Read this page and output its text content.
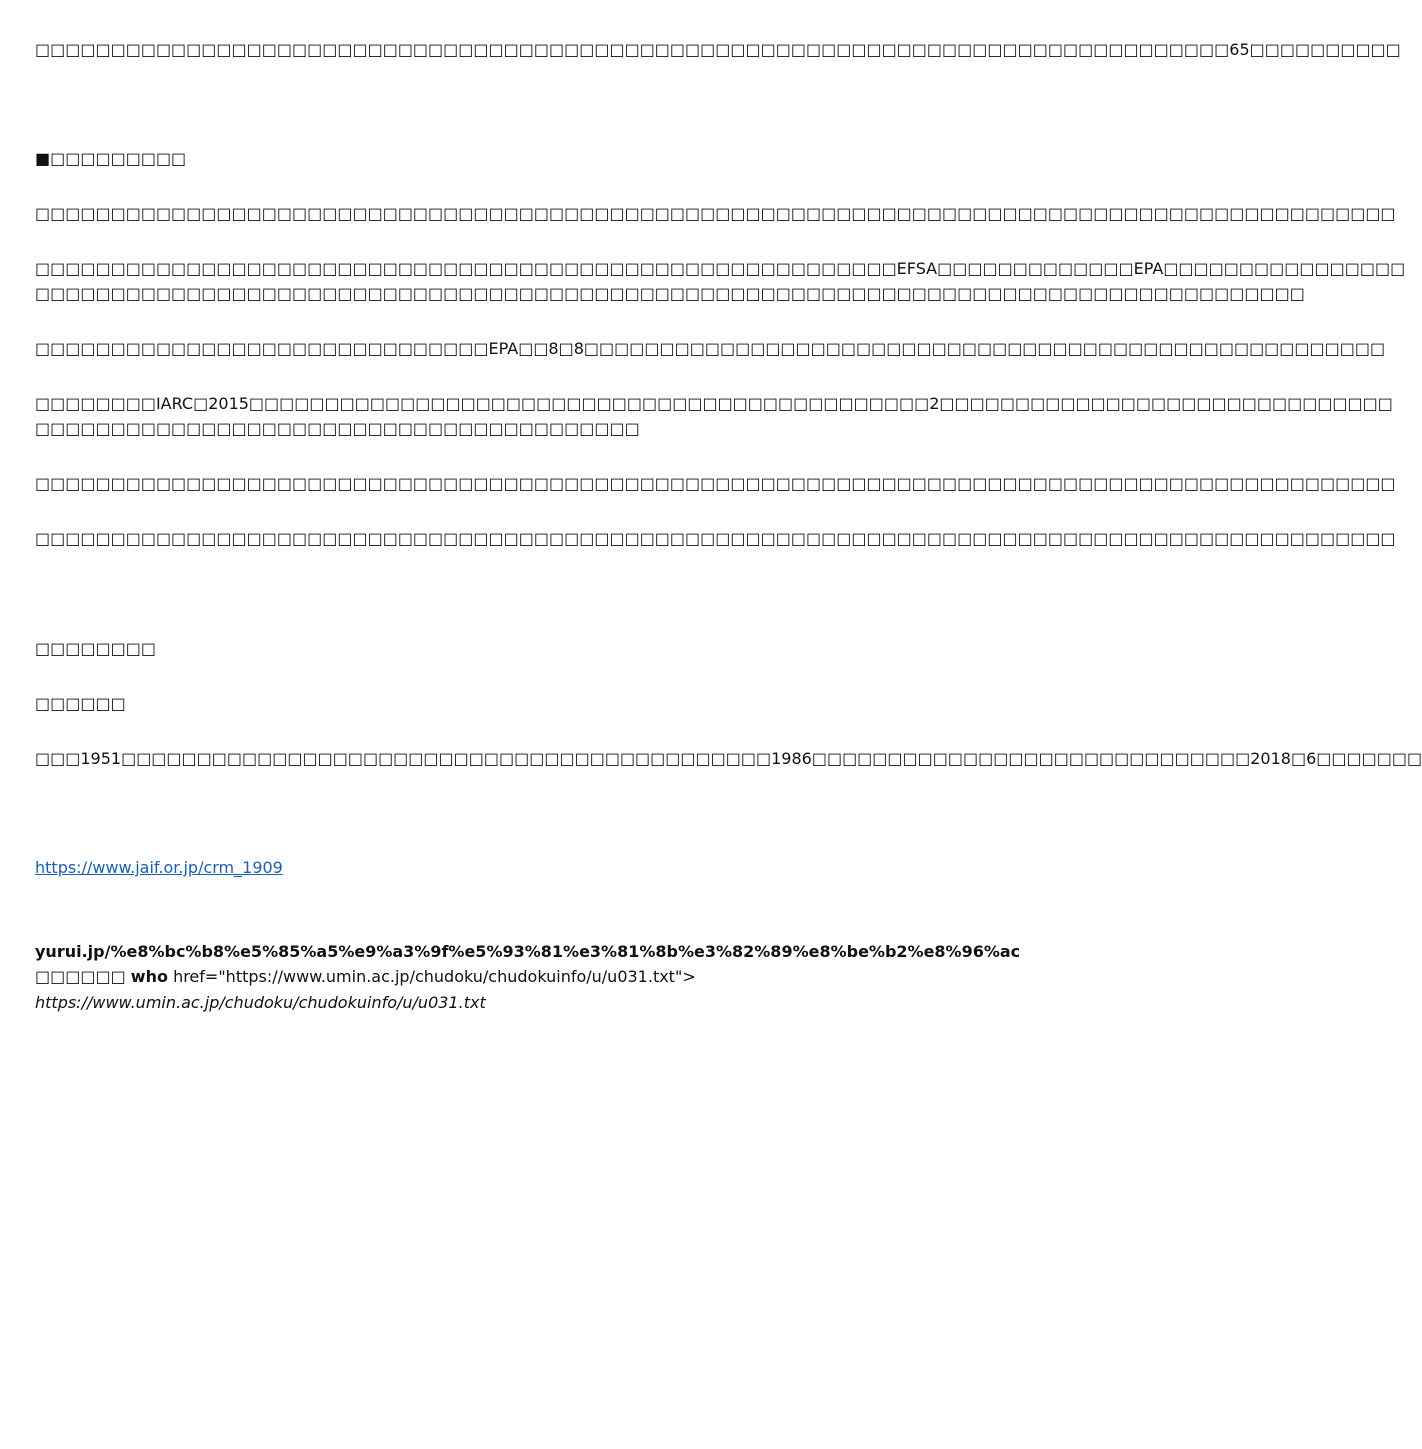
□□□□□□□□□□□□□□□□□□□□□□□□□□□□□□□□□□□□□□□□□□□□□□□□□□□□□□□□□□□□□□□□□□□□□□□□□□□□□□□65□□□□□□□□□□
■□□□□□□□□□
□□□□□□□□□□□□□□□□□□□□□□□□□□□□□□□□□□□□□□□□□□□□□□□□□□□□□□□□□□□□□□□□□□□□□□□□□□□□□□□□□□□□□□□□□□
□□□□□□□□□□□□□□□□□□□□□□□□□□□□□□□□□□□□□□□□□□□□□□□□□□□□□□□□□EFSA□□□□□□□□□□□□□EPA□□□□□□□□□□□□□□□□
□□□□□□□□□□□□□□□□□□□□□□□□□□□□□□□□□□□□□□□□□□□□□□□□□□□□□□□□□□□□□□□□□□□□□□□□□□□□□□□□□□□□
□□□□□□□□□□□□□□□□□□□□□□□□□□□□□□EPA□□8□8□□□□□□□□□□□□□□□□□□□□□□□□□□□□□□□□□□□□□□□□□□□□□□□□□□□□□
□□□□□□□□IARC□2015□□□□□□□□□□□□□□□□□□□□□□□□□□□□□□□□□□□□□□□□□□□□□2□□□□□□□□□□□□□□□□□□□□□□□□□□□□□□
□□□□□□□□□□□□□□□□□□□□□□□□□□□□□□□□□□□□□□□□
□□□□□□□□□□□□□□□□□□□□□□□□□□□□□□□□□□□□□□□□□□□□□□□□□□□□□□□□□□□□□□□□□□□□□□□□□□□□□□□□□□□□□□□□□□
□□□□□□□□□□□□□□□□□□□□□□□□□□□□□□□□□□□□□□□□□□□□□□□□□□□□□□□□□□□□□□□□□□□□□□□□□□□□□□□□□□□□□□□□□□
□□□□□□□□
□□□□□□
□□□1951□□□□□□□□□□□□□□□□□□□□□□□□□□□□□□□□□□□□□□□□□□□1986□□□□□□□□□□□□□□□□□□□□□□□□□□□□□2018□6□□□□□□□
https://www.jaif.or.jp/crm_1909
yurui.jp/%e8%bc%b8%e5%85%a5%e9%a3%9f%e5%93%81%e3%81%8b%e3%82%89%e8%be%b2%e8%96%ac
□□□□□□ who href="https://www.umin.ac.jp/chudoku/chudokuinfo/u/u031.txt">
https://www.umin.ac.jp/chudoku/chudokuinfo/u/u031.txt
